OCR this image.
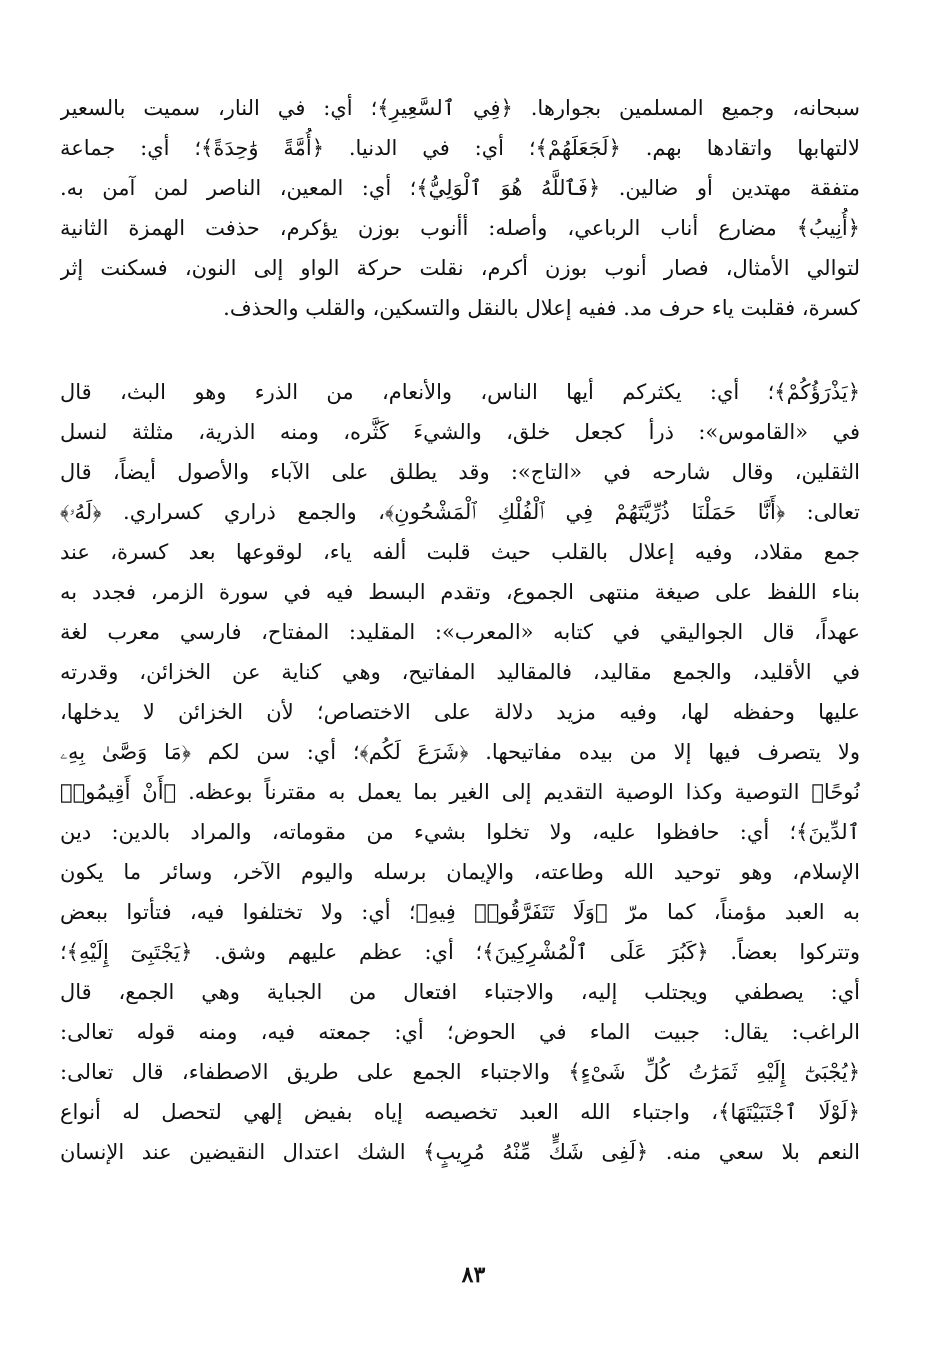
سبحانه، وجميع المسلمين بجوارها. ﴿فِي ٱلسَّعِيرِ﴾؛ أي: في النار، سميت بالسعير
لالتهابها واتقادها بهم. ﴿لَجَعَلَهُمْ﴾؛ أي: في الدنيا. ﴿أُمَّةً وَٰحِدَةً﴾؛ أي: جماعة
متفقة مهتدين أو ضالين. ﴿فَٱللَّهُ هُوَ ٱلْوَلِيُّ﴾؛ أي: المعين، الناصر لمن آمن به.
﴿أُنِيبُ﴾ مضارع أناب الرباعي، وأصله: أأنوب بوزن يؤكرم، حذفت الهمزة الثانية
لتوالي الأمثال، فصار أنوب بوزن أكرم، نقلت حركة الواو إلى النون، فسكنت إثر
كسرة، فقلبت ياء حرف مد. ففيه إعلال بالنقل والتسكين، والقلب والحذف.
﴿يَذْرَؤُكُمْ﴾؛ أي: يكثركم أيها الناس، والأنعام، من الذرء وهو البث، قال
في «القاموس»: ذرأ كجعل خلق، والشيءَ كَثَّره، ومنه الذرية، مثلثة لنسل
الثقلين، وقال شارحه في «التاج»: وقد يطلق على الآباء والأصول أيضاً، قال
تعالى: ﴿أَنَّا حَمَلْنَا ذُرِّيَّتَهُمْ فِي ٱلْفُلْكِ ٱلْمَشْحُونِ﴾، والجمع ذراري كسراري. ﴿لَهُۥ﴾
جمع مقلاد، وفيه إعلال بالقلب حيث قلبت ألفه ياء، لوقوعها بعد كسرة، عند
بناء اللفظ على صيغة منتهى الجموع، وتقدم البسط فيه في سورة الزمر، فجدد به
عهداً، قال الجواليقي في كتابه «المعرب»: المقليد: المفتاح، فارسي معرب لغة
في الأقليد، والجمع مقاليد، فالمقاليد المفاتيح، وهي كناية عن الخزائن، وقدرته
عليها وحفظه لها، وفيه مزيد دلالة على الاختصاص؛ لأن الخزائن لا يدخلها،
ولا يتصرف فيها إلا من بيده مفاتيحها. ﴿شَرَعَ لَكُم﴾؛ أي: سن لكم ﴿مَا وَصَّىٰ بِهِۦ
نُوحًا﴾ التوصية وكذا الوصية التقديم إلى الغير بما يعمل به مقترناً بوعظه. ﴿أَنْ أَقِيمُوا۟
ٱلدِّينَ﴾؛ أي: حافظوا عليه، ولا تخلوا بشيء من مقوماته، والمراد بالدين: دين
الإسلام، وهو توحيد الله وطاعته، والإيمان برسله واليوم الآخر، وسائر ما يكون
به العبد مؤمناً، كما مرّ ﴿وَلَا تَتَفَرَّقُوا۟ فِيهِ﴾؛ أي: ولا تختلفوا فيه، فتأتوا ببعض
وتتركوا بعضاً. ﴿كَبُرَ عَلَى ٱلْمُشْرِكِينَ﴾؛ أي: عظم عليهم وشق. ﴿يَجْتَبِىٓ إِلَيْهِ﴾؛
أي: يصطفي ويجتلب إليه، والاجتباء افتعال من الجباية وهي الجمع، قال
الراغب: يقال: جبيت الماء في الحوض؛ أي: جمعته فيه، ومنه قوله تعالى:
﴿يُجْبَىٰٓ إِلَيْهِ ثَمَرَٰتُ كُلِّ شَىْءٍ﴾ والاجتباء الجمع على طريق الاصطفاء، قال تعالى:
﴿لَوْلَا ٱجْتَبَيْتَهَا﴾، واجتباء الله العبد تخصيصه إياه بفيض إلهي لتحصل له أنواع
النعم بلا سعي منه. ﴿لَفِى شَكٍّ مِّنْهُ مُرِيبٍ﴾ الشك اعتدال النقيضين عند الإنسان
٨٣
